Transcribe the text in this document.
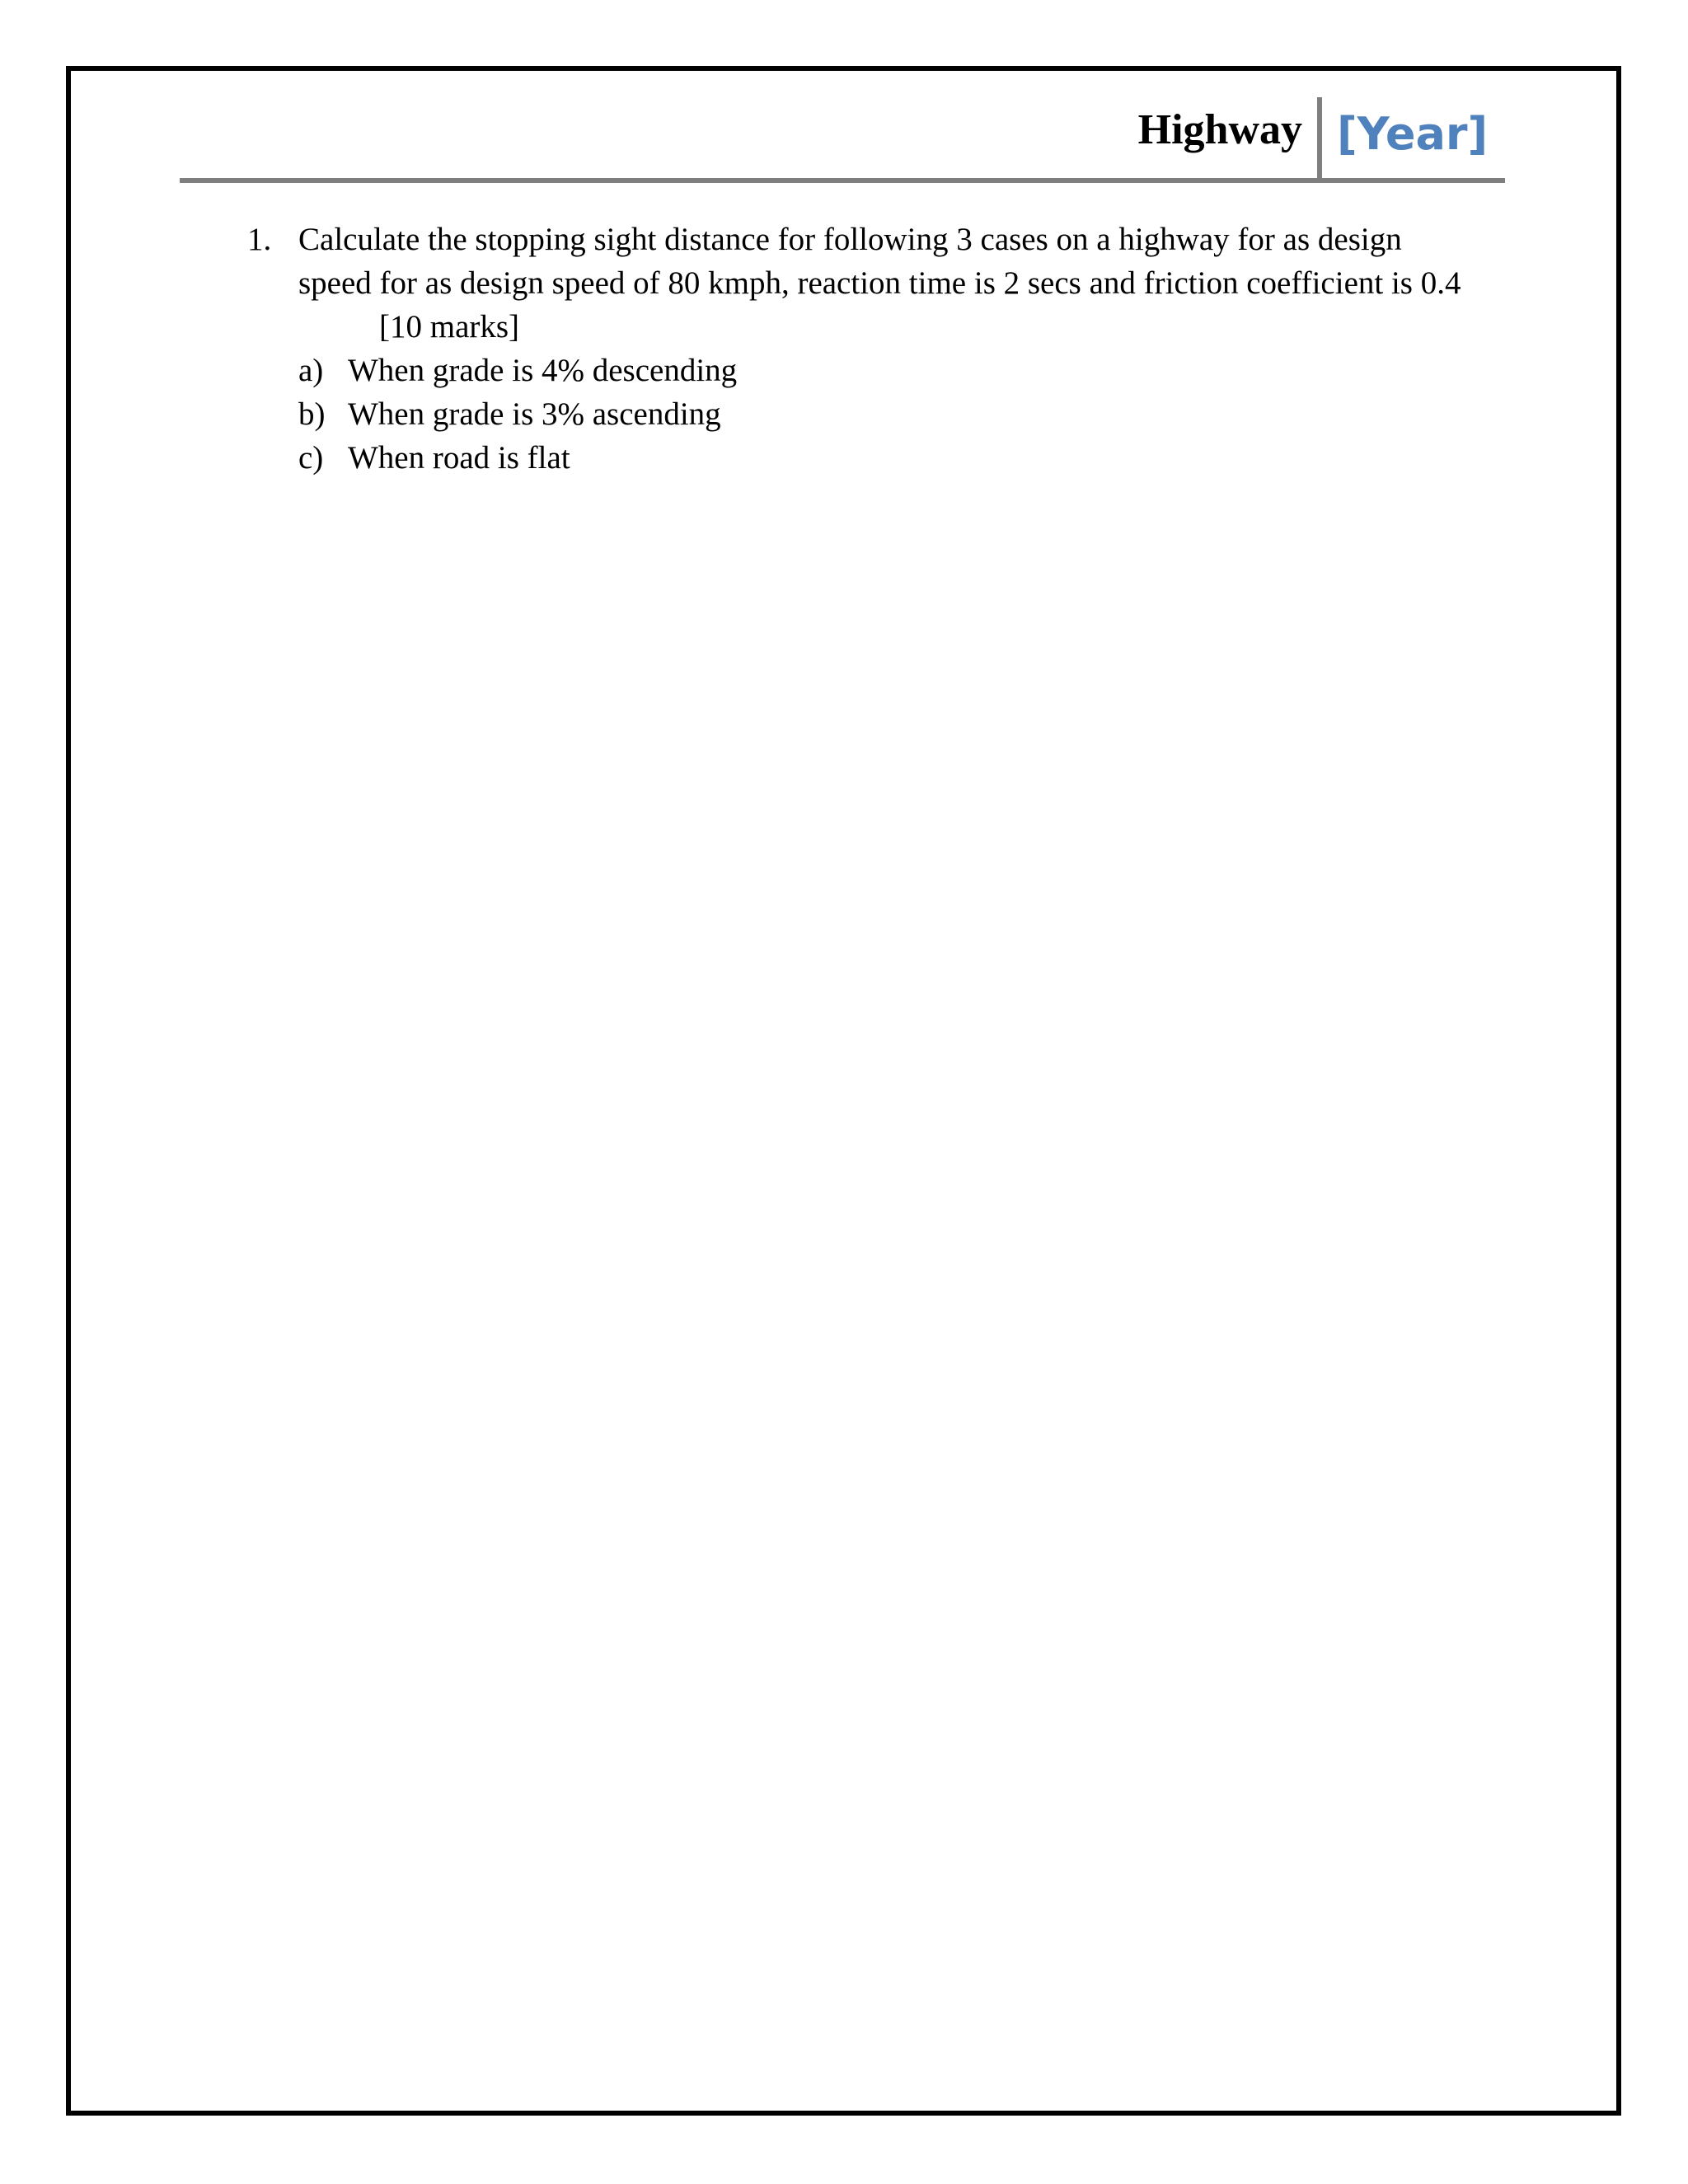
Highway [Year]
1. Calculate the stopping sight distance for following 3 cases on a highway for as design speed for as design speed of 80 kmph, reaction time is 2 secs and friction coefficient is 0.4[10 marks]
a) When grade is 4% descending
b) When grade is 3% ascending
c) When road is flat
